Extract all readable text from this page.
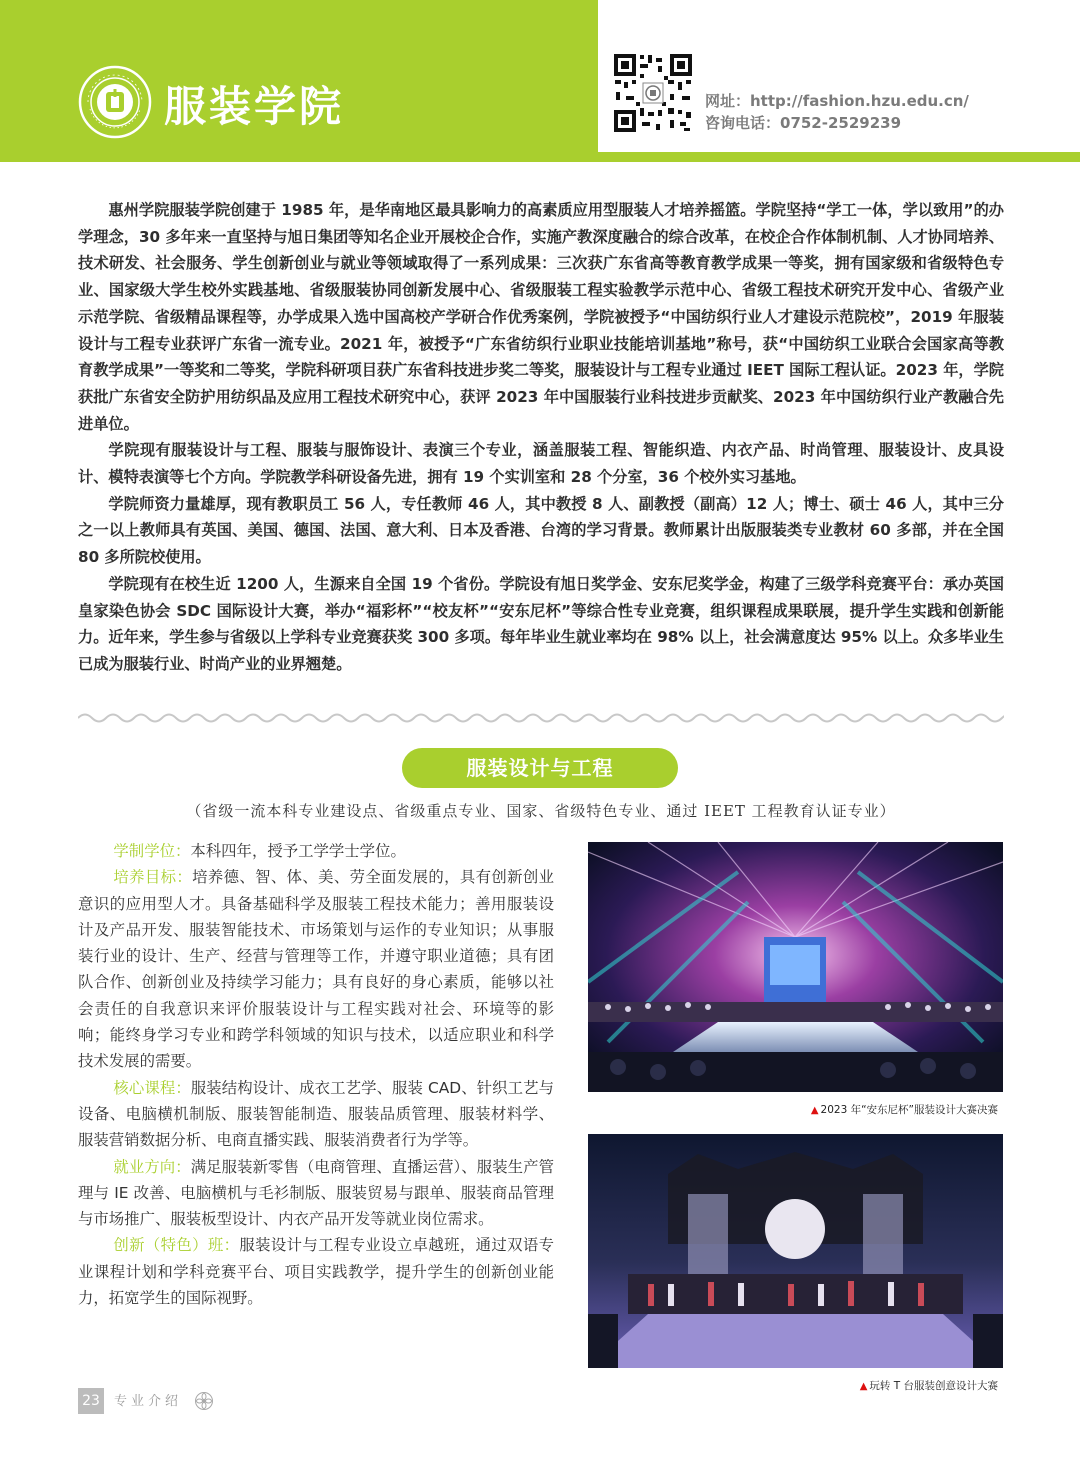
服装学院	网址：http://fashion.hzu.edu.cn/
咨询电话：0752-2529239

惠州学院服装学院创建于 1985 年，是华南地区最具影响力的高素质应用型服装人才培养摇篮。学院坚持“学工一体，学以致用”的办学理念，30 多年来一直坚持与旭日集团等知名企业开展校企合作，实施产教深度融合的综合改革，在校企合作体制机制、人才协同培养、技术研发、社会服务、学生创新创业与就业等领域取得了一系列成果：三次获广东省高等教育教学成果一等奖，拥有国家级和省级特色专业、国家级大学生校外实践基地、省级服装协同创新发展中心、省级服装工程实验教学示范中心、省级工程技术研究开发中心、省级产业示范学院、省级精品课程等，办学成果入选中国高校产学研合作优秀案例，学院被授予“中国纺织行业人才建设示范院校”，2019 年服装设计与工程专业获评广东省一流专业。2021 年，被授予“广东省纺织行业职业技能培训基地”称号，获“中国纺织工业联合会国家高等教育教学成果”一等奖和二等奖，学院科研项目获广东省科技进步奖二等奖，服装设计与工程专业通过 IEET 国际工程认证。2023 年，学院获批广东省安全防护用纺织品及应用工程技术研究中心，获评 2023 年中国服装行业科技进步贡献奖、2023 年中国纺织行业产教融合先进单位。

学院现有服装设计与工程、服装与服饰设计、表演三个专业，涵盖服装工程、智能织造、内衣产品、时尚管理、服装设计、皮具设计、模特表演等七个方向。学院教学科研设备先进，拥有 19 个实训室和 28 个分室，36 个校外实习基地。

学院师资力量雄厚，现有教职员工 56 人，专任教师 46 人，其中教授 8 人、副教授（副高）12 人；博士、硕士 46 人，其中三分之一以上教师具有英国、美国、德国、法国、意大利、日本及香港、台湾的学习背景。教师累计出版服装类专业教材 60 多部，并在全国 80 多所院校使用。

学院现有在校生近 1200 人，生源来自全国 19 个省份。学院设有旭日奖学金、安东尼奖学金，构建了三级学科竞赛平台：承办英国皇家染色协会 SDC 国际设计大赛，举办“福彩杯”“校友杯”“安东尼杯”等综合性专业竞赛，组织课程成果联展，提升学生实践和创新能力。近年来，学生参与省级以上学科专业竞赛获奖 300 多项。每年毕业生就业率均在 98% 以上，社会满意度达 95% 以上。众多毕业生已成为服装行业、时尚产业的业界翘楚。

服装设计与工程
（省级一流本科专业建设点、省级重点专业、国家、省级特色专业、通过 IEET 工程教育认证专业）

学制学位：本科四年，授予工学学士学位。

培养目标：培养德、智、体、美、劳全面发展的，具有创新创业意识的应用型人才。具备基础科学及服装工程技术能力；善用服装设计及产品开发、服装智能技术、市场策划与运作的专业知识；从事服装行业的设计、生产、经营与管理等工作，并遵守职业道德；具有团队合作、创新创业及持续学习能力；具有良好的身心素质，能够以社会责任的自我意识来评价服装设计与工程实践对社会、环境等的影响；能终身学习专业和跨学科领域的知识与技术，以适应职业和科学技术发展的需要。

核心课程：服装结构设计、成衣工艺学、服装 CAD、针织工艺与设备、电脑横机制版、服装智能制造、服装品质管理、服装材料学、服装营销数据分析、电商直播实践、服装消费者行为学等。

就业方向：满足服装新零售（电商管理、直播运营）、服装生产管理与 IE 改善、电脑横机与毛衫制版、服装贸易与跟单、服装商品管理与市场推广、服装板型设计、内衣产品开发等就业岗位需求。

创新（特色）班：服装设计与工程专业设立卓越班，通过双语专业课程计划和学科竞赛平台、项目实践教学，提升学生的创新创业能力，拓宽学生的国际视野。

▲ 2023 年“安东尼杯”服装设计大赛决赛
▲ 玩转 T 台服装创意设计大赛
23	专业介绍
